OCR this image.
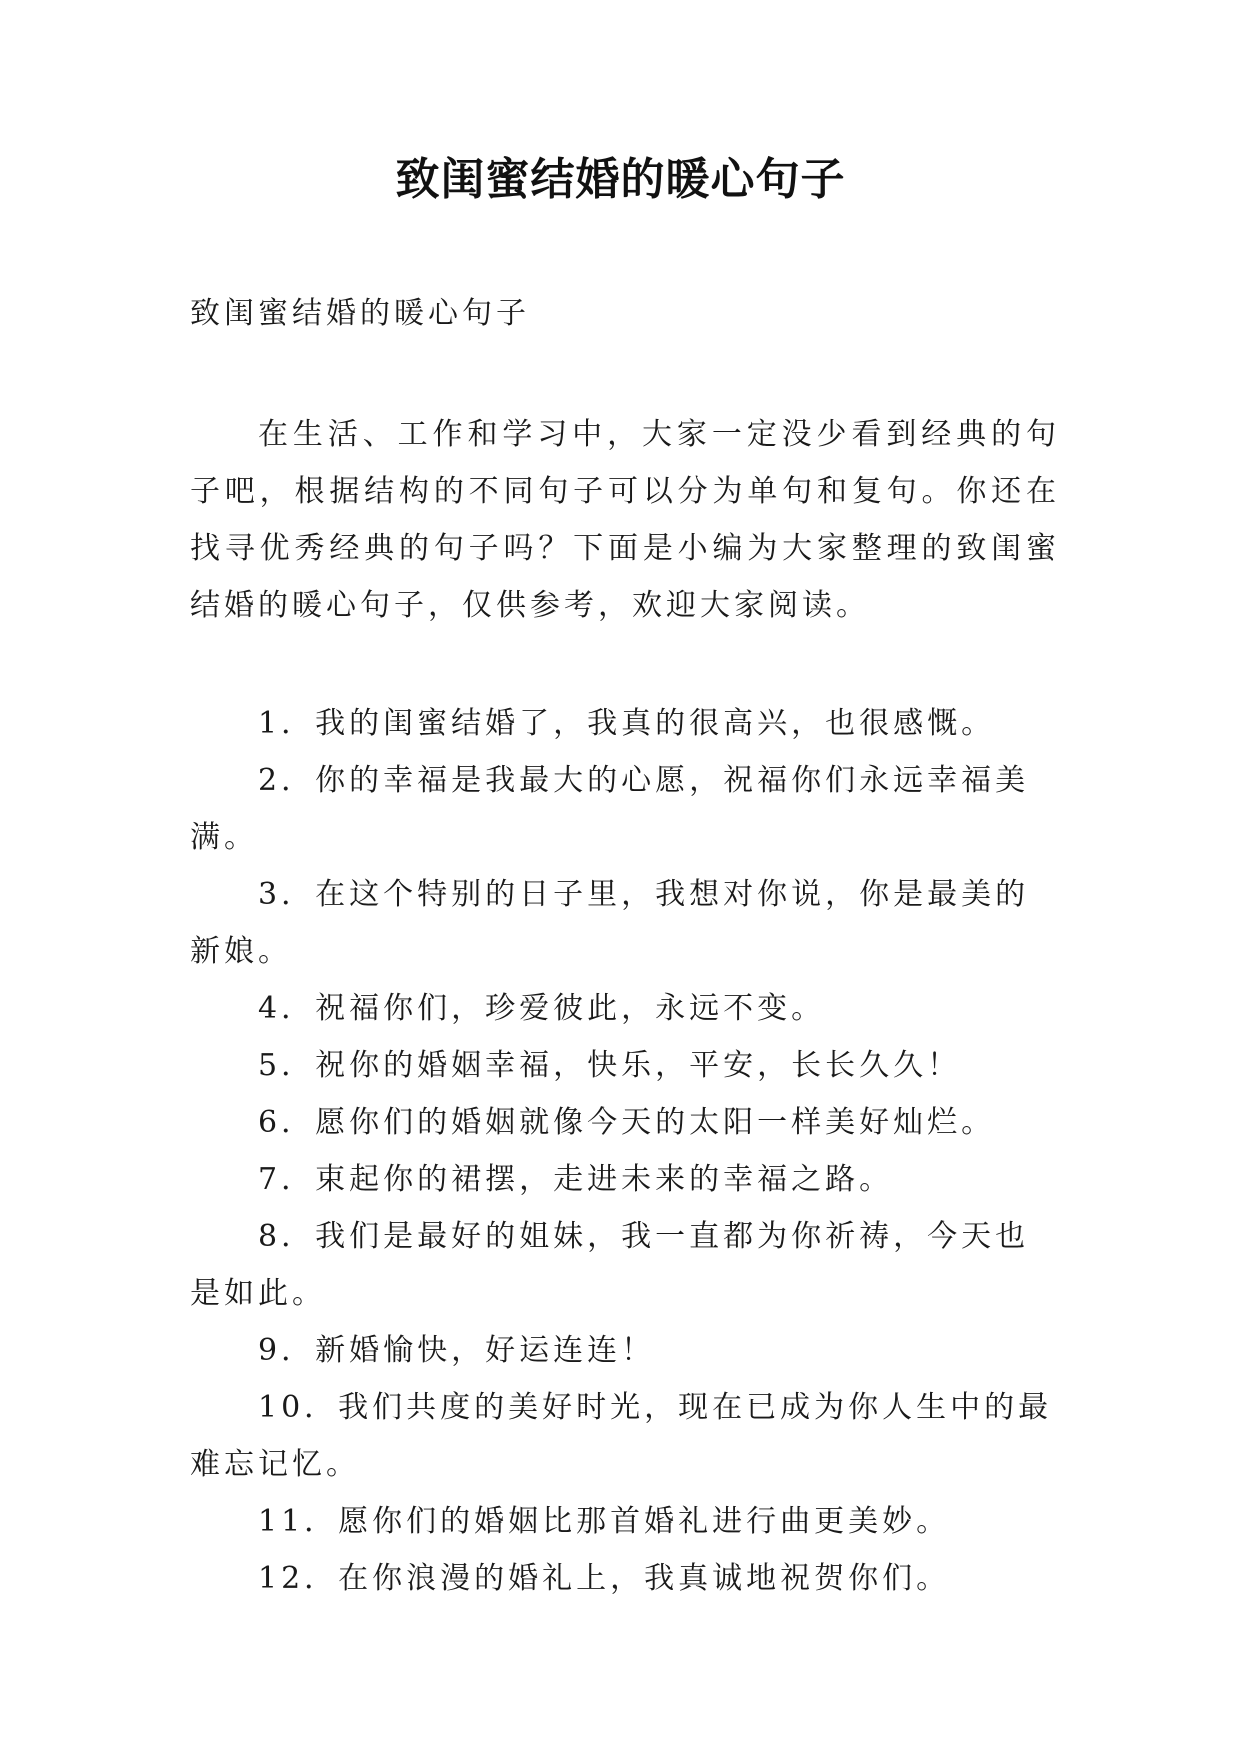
致闺蜜结婚的暖心句子

致闺蜜结婚的暖心句子

在生活、工作和学习中，大家一定没少看到经典的句子吧，根据结构的不同句子可以分为单句和复句。你还在找寻优秀经典的句子吗？下面是小编为大家整理的致闺蜜结婚的暖心句子，仅供参考，欢迎大家阅读。

1．我的闺蜜结婚了，我真的很高兴，也很感慨。
2．你的幸福是我最大的心愿，祝福你们永远幸福美满。
3．在这个特别的日子里，我想对你说，你是最美的新娘。
4．祝福你们，珍爱彼此，永远不变。
5．祝你的婚姻幸福，快乐，平安，长长久久！
6．愿你们的婚姻就像今天的太阳一样美好灿烂。
7．束起你的裙摆，走进未来的幸福之路。
8．我们是最好的姐妹，我一直都为你祈祷，今天也是如此。
9．新婚愉快，好运连连！
10．我们共度的美好时光，现在已成为你人生中的最难忘记忆。
11．愿你们的婚姻比那首婚礼进行曲更美妙。
12．在你浪漫的婚礼上，我真诚地祝贺你们。
